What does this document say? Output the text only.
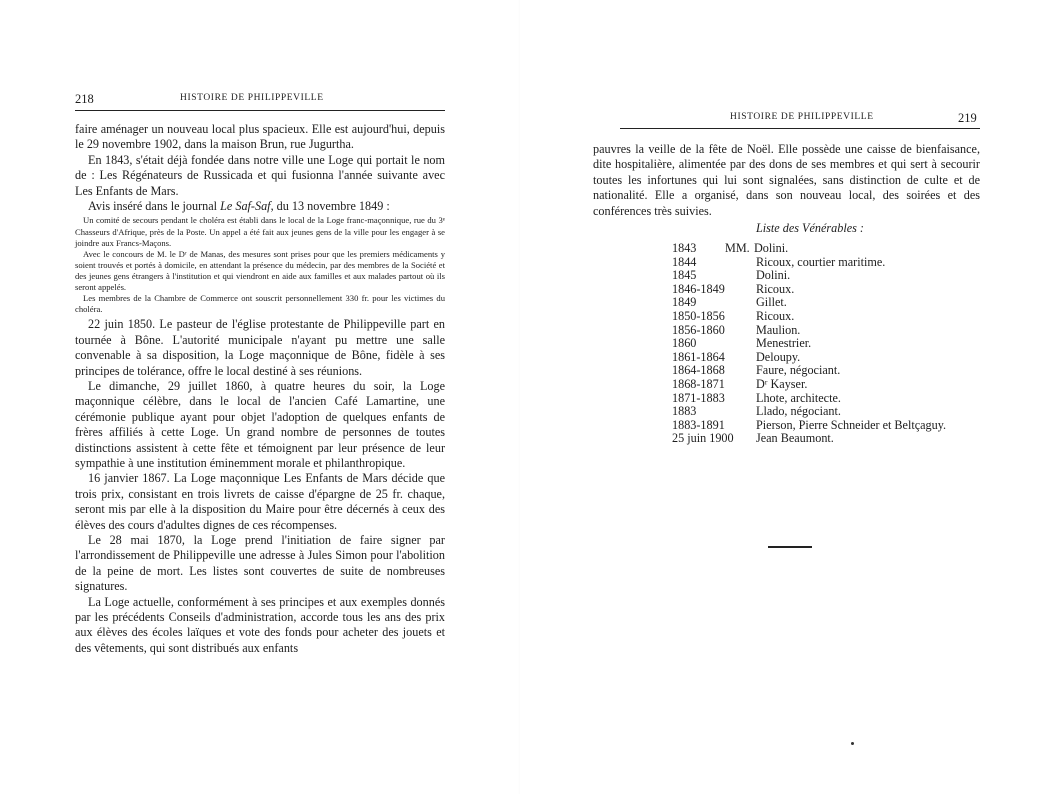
218	HISTOIRE DE PHILIPPEVILLE

faire aménager un nouveau local plus spacieux. Elle est aujourd'hui, depuis le 29 novembre 1902, dans la maison Brun, rue Jugurtha.

En 1843, s'était déjà fondée dans notre ville une Loge qui portait le nom de : Les Régénateurs de Russicada et qui fusionna l'année suivante avec Les Enfants de Mars.

Avis inséré dans le journal Le Saf-Saf, du 13 novembre 1849 :

Un comité de secours pendant le choléra est établi dans le local de la Loge franc-maçonnique, rue du 3ᵉ Chasseurs d'Afrique, près de la Poste. Un appel a été fait aux jeunes gens de la ville pour les engager à se joindre aux Francs-Maçons.

Avec le concours de M. le Dʳ de Manas, des mesures sont prises pour que les premiers médicaments y soient trouvés et portés à domicile, en attendant la présence du médecin, par des membres de la Société et des jeunes gens étrangers à l'institution et qui viendront en aide aux familles et aux malades partout où ils seront appelés.

Les membres de la Chambre de Commerce ont souscrit personnellement 330 fr. pour les victimes du choléra.

22 juin 1850. Le pasteur de l'église protestante de Philippeville part en tournée à Bône. L'autorité municipale n'ayant pu mettre une salle convenable à sa disposition, la Loge maçonnique de Bône, fidèle à ses principes de tolérance, offre le local destiné à ses réunions.

Le dimanche, 29 juillet 1860, à quatre heures du soir, la Loge maçonnique célèbre, dans le local de l'ancien Café Lamartine, une cérémonie publique ayant pour objet l'adoption de quelques enfants de frères affiliés à cette Loge. Un grand nombre de personnes de toutes distinctions assistent à cette fête et témoignent par leur présence de leur sympathie à une institution éminemment morale et philanthropique.

16 janvier 1867. La Loge maçonnique Les Enfants de Mars décide que trois prix, consistant en trois livrets de caisse d'épargne de 25 fr. chaque, seront mis par elle à la disposition du Maire pour être décernés à ceux des élèves des cours d'adultes dignes de ces récompenses.

Le 28 mai 1870, la Loge prend l'initiation de faire signer par l'arrondissement de Philippeville une adresse à Jules Simon pour l'abolition de la peine de mort. Les listes sont couvertes de suite de nombreuses signatures.

La Loge actuelle, conformément à ses principes et aux exemples donnés par les précédents Conseils d'administration, accorde tous les ans des prix aux élèves des écoles laïques et vote des fonds pour acheter des jouets et des vêtements, qui sont distribués aux enfants

HISTOIRE DE PHILIPPEVILLE	219

pauvres la veille de la fête de Noël. Elle possède une caisse de bienfaisance, dite hospitalière, alimentée par des dons de ses membres et qui sert à secourir toutes les infortunes qui lui sont signalées, sans distinction de culte et de nationalité. Elle a organisé, dans son nouveau local, des soirées et des conférences très suivies.

Liste des Vénérables :
1843 MM. Dolini.
1844	Ricoux, courtier maritime.
1845	Dolini.
1846-1849	Ricoux.
1849	Gillet.
1850-1856	Ricoux.
1856-1860	Maulion.
1860	Menestrier.
1861-1864	Deloupy.
1864-1868	Faure, négociant.
1868-1871	Dʳ Kayser.
1871-1883	Lhote, architecte.
1883	Llado, négociant.
1883-1891	Pierson, Pierre Schneider et Beltçaguy.
25 juin 1900 Jean Beaumont.
